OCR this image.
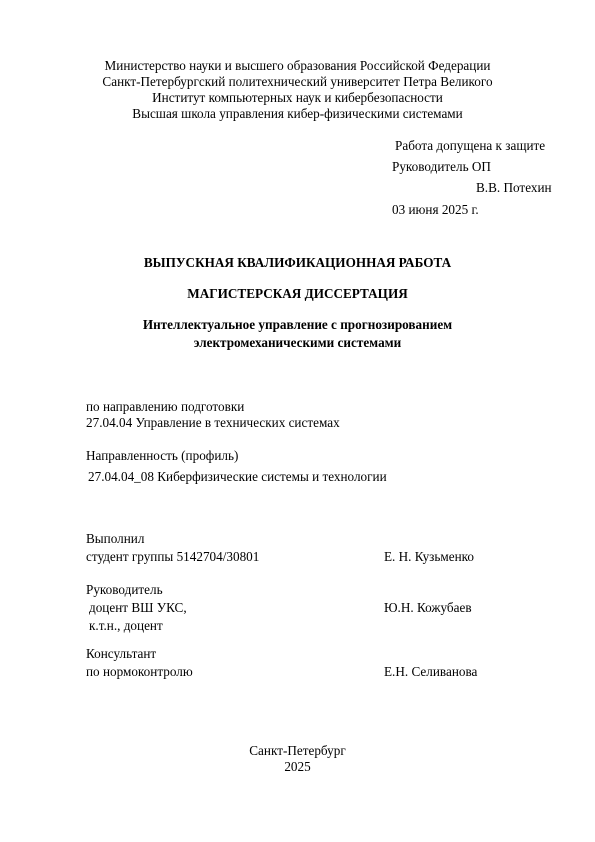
Министерство науки и высшего образования Российской Федерации
Санкт-Петербургский политехнический университет Петра Великого
Институт компьютерных наук и кибербезопасности
Высшая школа управления кибер-физическими системами
Работа допущена к защите
Руководитель ОП
В.В. Потехин
03 июня 2025 г.
ВЫПУСКНАЯ КВАЛИФИКАЦИОННАЯ РАБОТА
МАГИСТЕРСКАЯ ДИССЕРТАЦИЯ
Интеллектуальное управление с прогнозированием
электромеханическими системами
по направлению подготовки
27.04.04 Управление в технических системах
Направленность (профиль)
27.04.04_08 Киберфизические системы и технологии
Выполнил
студент группы 5142704/30801	Е. Н. Кузьменко
Руководитель
доцент ВШ УКС,	Ю.Н. Кожубаев
к.т.н., доцент
Консультант
по нормоконтролю	Е.Н. Селиванова
Санкт-Петербург
2025
